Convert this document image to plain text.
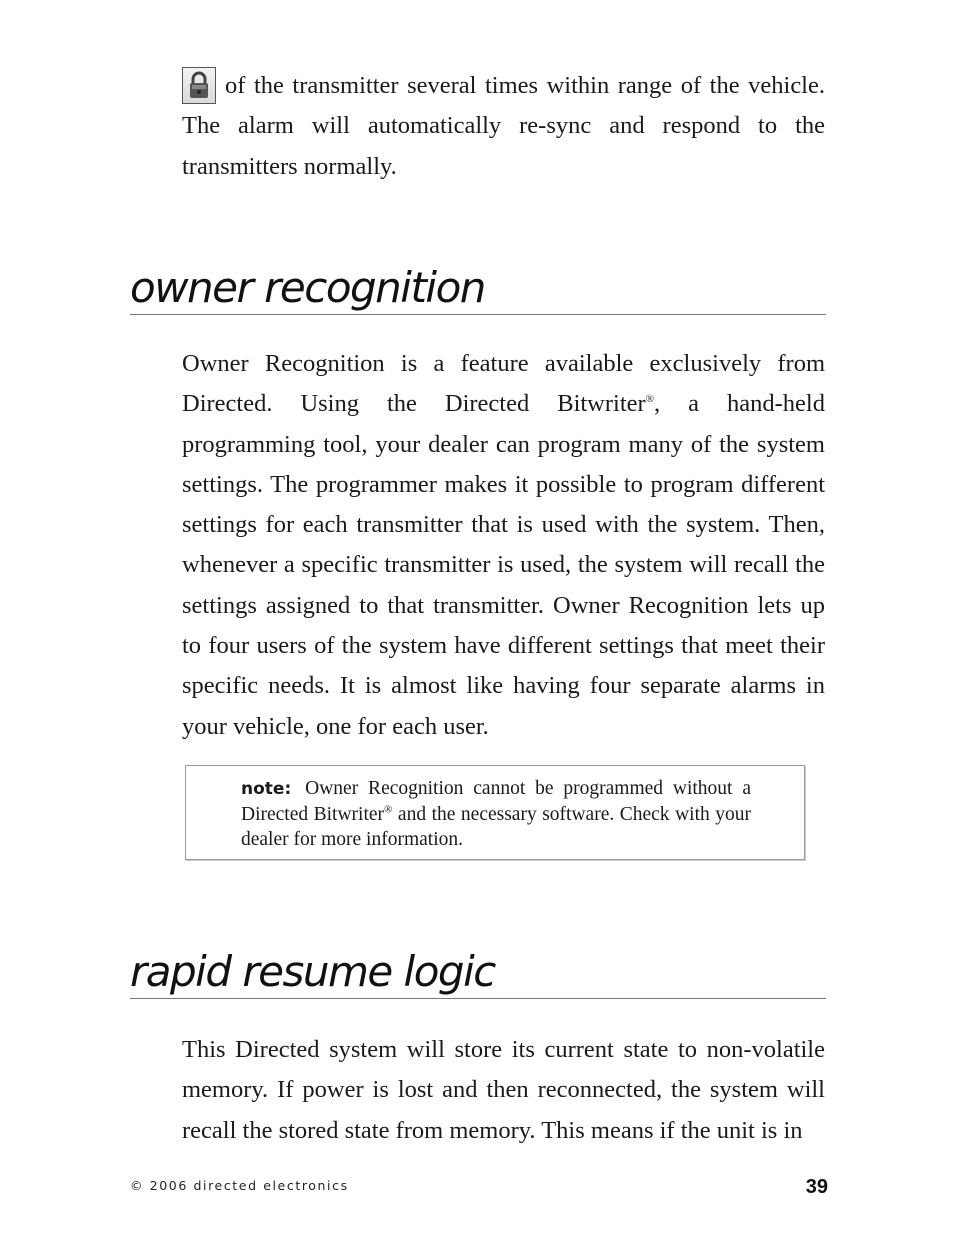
of the transmitter several times within range of the vehicle. The alarm will automatically re-sync and respond to the transmitters normally.

owner recognition

Owner Recognition is a feature available exclusively from Directed. Using the Directed Bitwriter®, a hand-held programming tool, your dealer can program many of the system settings. The programmer makes it possible to program different settings for each transmitter that is used with the system. Then, whenever a specific transmitter is used, the system will recall the settings assigned to that transmitter. Owner Recognition lets up to four users of the system have different settings that meet their specific needs. It is almost like having four separate alarms in your vehicle, one for each user.

note: Owner Recognition cannot be programmed without a Directed Bitwriter® and the necessary software. Check with your dealer for more information.

rapid resume logic

This Directed system will store its current state to non-volatile memory. If power is lost and then reconnected, the system will recall the stored state from memory. This means if the unit is in

© 2006 directed electronics	39
